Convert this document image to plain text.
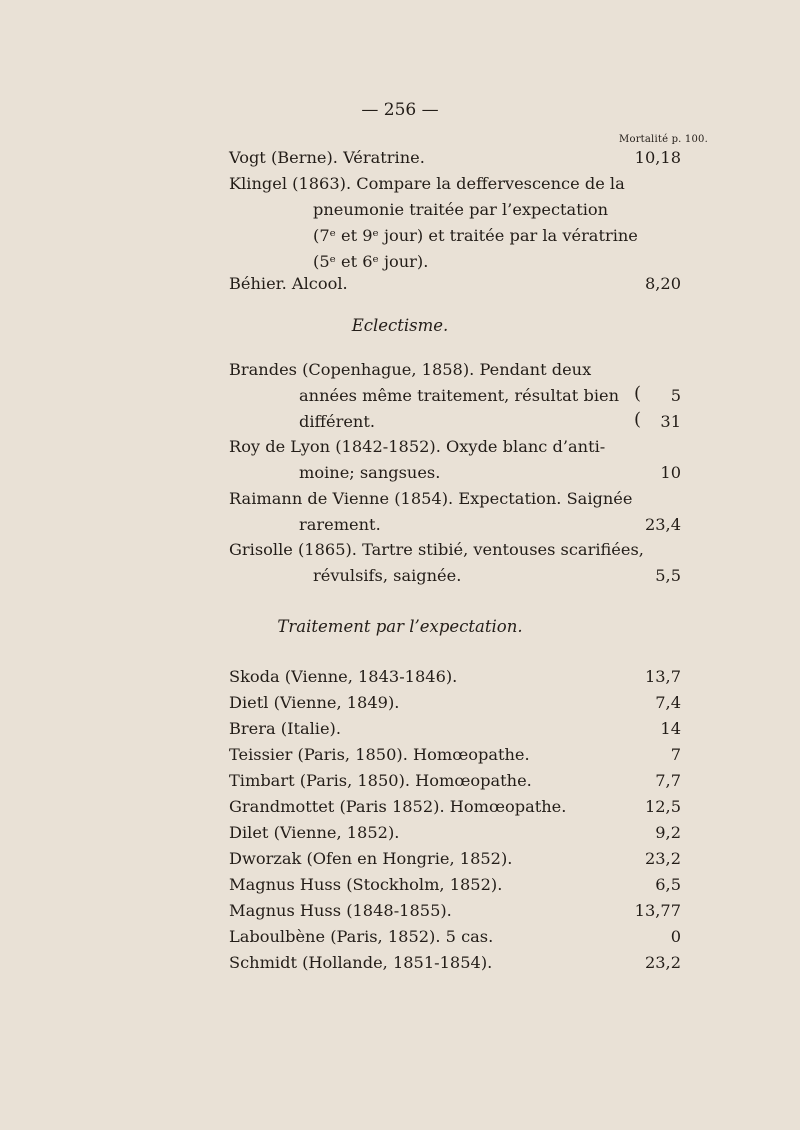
— 256 —
Mortalité p. 100.
Vogt (Berne). Vératrine.	10,18
Klingel (1863). Compare la deffervescence de la
pneumonie traitée par l’expectation
(7ᵉ et 9ᵉ jour) et traitée par la vératrine
(5ᵉ et 6ᵉ jour).
Béhier. Alcool.	8,20
Eclectisme.
Brandes (Copenhague, 1858). Pendant deux
années même traitement, résultat bien ( 5
différent.	( 31
Roy de Lyon (1842-1852). Oxyde blanc d’anti-
moine; sangsues.	10
Raimann de Vienne (1854). Expectation. Saignée
rarement.	23,4
Grisolle (1865). Tartre stibié, ventouses scarifiées,
révulsifs, saignée.	5,5
Traitement par l’expectation.
Skoda (Vienne, 1843-1846).	13,7
Dietl (Vienne, 1849).	7,4
Brera (Italie).	14
Teissier (Paris, 1850). Homœopathe.	7
Timbart (Paris, 1850). Homœopathe.	7,7
Grandmottet (Paris 1852). Homœopathe.	12,5
Dilet (Vienne, 1852).	9,2
Dworzak (Ofen en Hongrie, 1852).	23,2
Magnus Huss (Stockholm, 1852).	6,5
Magnus Huss (1848-1855).	13,77
Laboulbène (Paris, 1852). 5 cas.	0
Schmidt (Hollande, 1851-1854).	23,2
